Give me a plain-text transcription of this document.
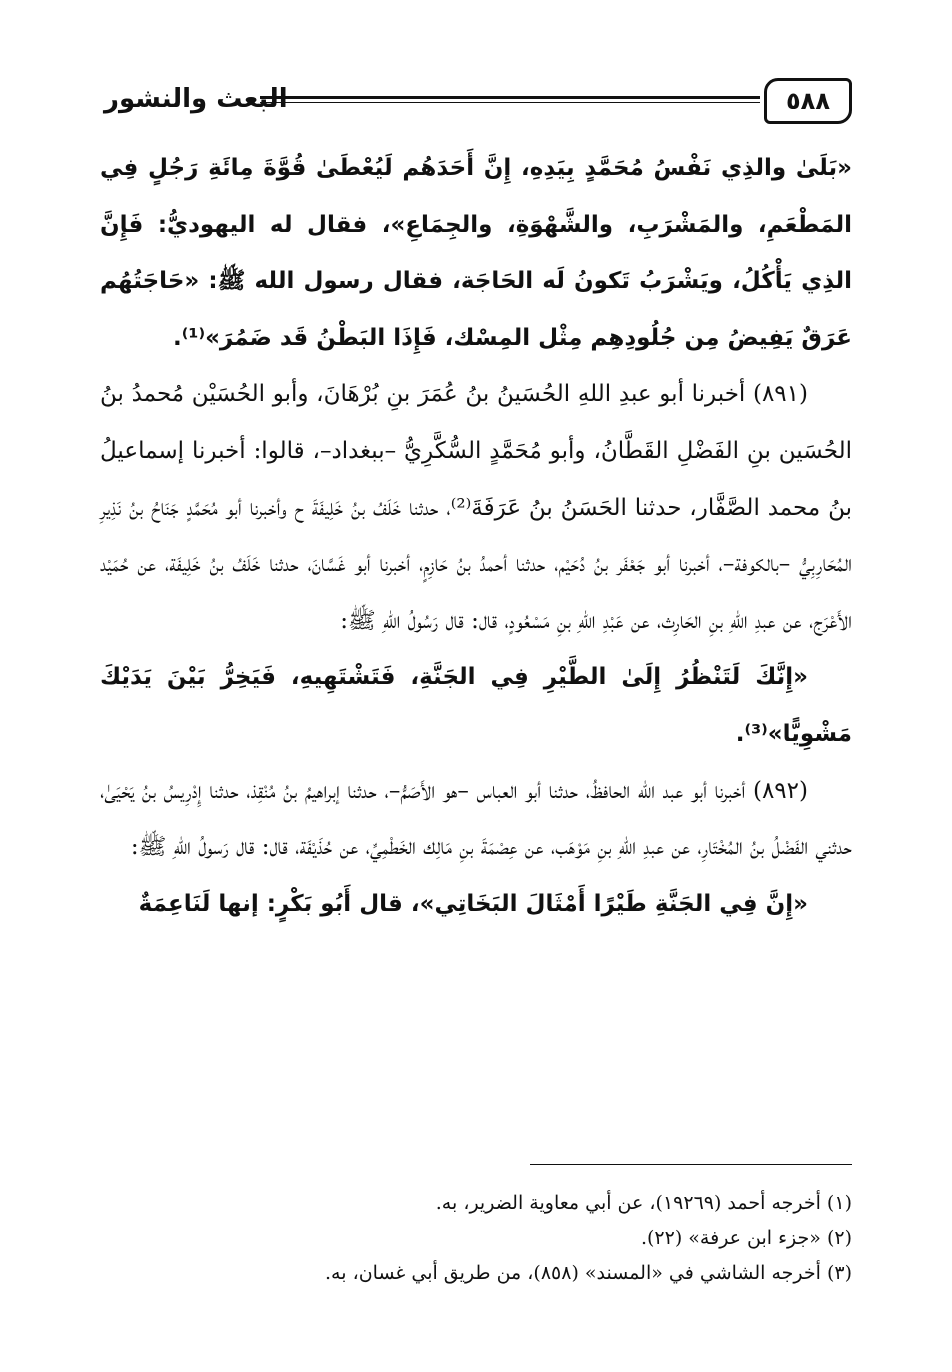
البعث والنشور	٥٨٨

«بَلَىٰ والذِي نَفْسُ مُحَمَّدٍ بِيَدِهِ، إِنَّ أَحَدَهُم لَيُعْطَىٰ قُوَّةَ مِائَةِ رَجُلٍ فِي المَطْعَمِ، والمَشْرَبِ، والشَّهْوَةِ، والجِمَاعِ»، فقال له اليهوديُّ: فَإِنَّ الذِي يَأْكُلُ، ويَشْرَبُ تَكونُ لَه الحَاجَة، فقال رسول الله ﷺ: «حَاجَتُهُم عَرَقٌ يَفِيضُ مِن جُلُودِهِم مِثْل المِسْك، فَإِذَا البَطْنُ قَد ضَمُرَ»⁽¹⁾.

(٨٩١) أخبرنا أبو عبدِ اللهِ الحُسَينُ بنُ عُمَرَ بنِ بُرْهَانَ، وأبو الحُسَيْن مُحمدُ بنُ الحُسَين بنِ الفَضْلِ القَطَّانُ، وأبو مُحَمَّدٍ السُّكَّرِيُّ –ببغداد–، قالوا: أخبرنا إسماعيلُ بنُ محمد الصَّفَّار، حدثنا الحَسَنُ بنُ عَرَفَةَ⁽²⁾، حدثنا خَلَفُ بنُ خَلِيفَةَ ح وأخبرنا أبو مُحَمَّدٍ جَنَاحُ بنُ نَذِيرِ المُحَارِبِيُّ –بالكوفة–، أخبرنا أبو جَعْفَر بنُ دُحَيْم، حدثنا أحمدُ بنُ حَازِمٍ، أخبرنا أبو غَسَّانَ، حدثنا خَلَفُ بنُ خَلِيفَة، عن حُمَيْد الأَعْرَج، عن عبدِ اللهِ بنِ الحَارِث، عن عَبْدِ اللهِ بنِ مَسْعُودٍ، قال: قال رَسُولُ اللهِ ﷺ:

«إِنَّكَ لَتَنْظُرُ إِلَىٰ الطَّيْرِ فِي الجَنَّةِ، فَتَشْتَهِيهِ، فَيَخِرُّ بَيْنَ يَدَيْكَ مَشْوِيًّا»⁽³⁾.

(٨٩٢) أخبرنا أبو عبد الله الحافظُ، حدثنا أبو العباس –هو الأَصَمُّ–، حدثنا إبراهيمُ بنُ مُنْقِذ، حدثنا إِدْرِيسُ بنُ يَحْيَىٰ، حدثني الفَضْلُ بنُ المُخْتَارِ، عن عبدِ اللهِ بنِ مَوْهَب، عن عِصْمَةَ بنِ مَالِك الخَطْمِيِّ، عن حُذَيْفَة، قال: قال رَسولُ اللهِ ﷺ:

«إِنَّ فِي الجَنَّةِ طَيْرًا أَمْثَالَ البَخَاتِي»، قال أَبُو بَكْرٍ: إنها لَنَاعِمَةٌ

(١) أخرجه أحمد (١٩٢٦٩)، عن أبي معاوية الضرير، به.

(٢) «جزء ابن عرفة» (٢٢).

(٣) أخرجه الشاشي في «المسند» (٨٥٨)، من طريق أبي غسان، به.
